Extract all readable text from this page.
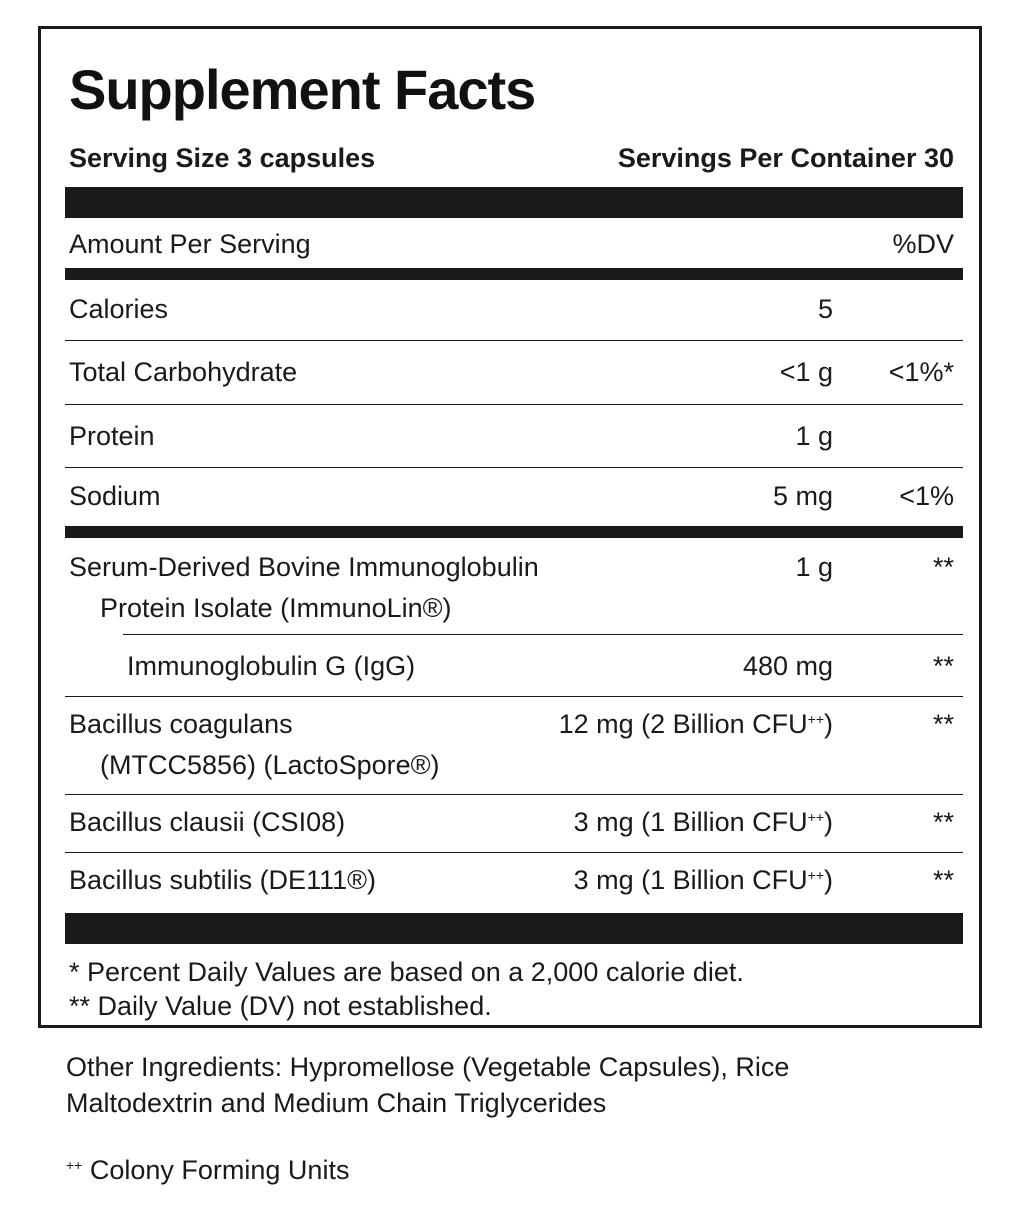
Supplement Facts
Serving Size 3 capsules	Servings Per Container 30
Amount Per Serving	%DV
Calories	5
Total Carbohydrate	<1 g <1%*
Protein	1 g
Sodium	5 mg <1%
Serum-Derived Bovine Immunoglobulin
Protein Isolate (ImmunoLin®)
1 g	**
Immunoglobulin G (IgG)	480 mg	**
Bacillus coagulans
(MTCC5856) (LactoSpore®)
12 mg (2 Billion CFU++)	**
Bacillus clausii (CSI08)	3 mg (1 Billion CFU++)	**
Bacillus subtilis (DE111®)	3 mg (1 Billion CFU++)	**
* Percent Daily Values are based on a 2,000 calorie diet.
** Daily Value (DV) not established.
Other Ingredients: Hypromellose (Vegetable Capsules), Rice
Maltodextrin and Medium Chain Triglycerides
++ Colony Forming Units
